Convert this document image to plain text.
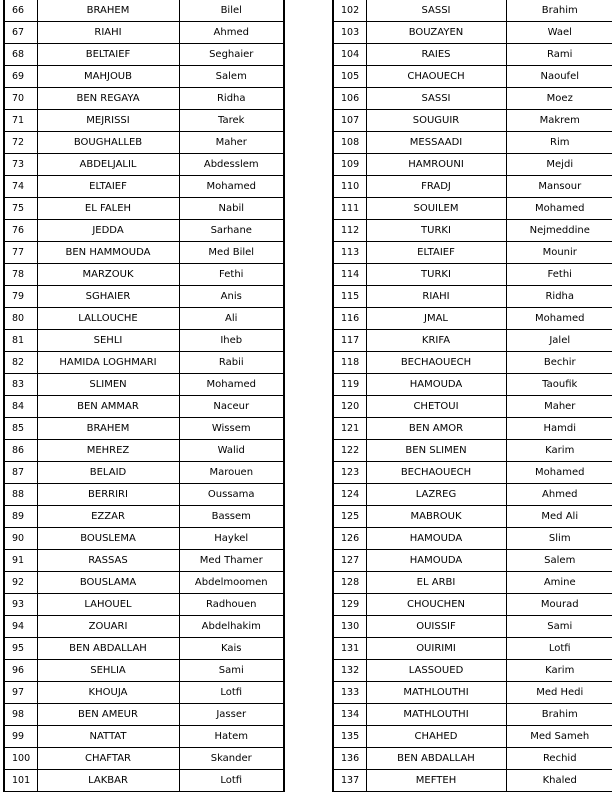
66	BRAHEM	Bilel
67	RIAHI	Ahmed
68	BELTAIEF	Seghaier
69	MAHJOUB	Salem
70	BEN REGAYA	Ridha
71	MEJRISSI	Tarek
72	BOUGHALLEB	Maher
73	ABDELJALIL	Abdesslem
74	ELTAIEF	Mohamed
75	EL FALEH	Nabil
76	JEDDA	Sarhane
77	BEN HAMMOUDA	Med Bilel
78	MARZOUK	Fethi
79	SGHAIER	Anis
80	LALLOUCHE	Ali
81	SEHLI	Iheb
82	HAMIDA LOGHMARI	Rabii
83	SLIMEN	Mohamed
84	BEN AMMAR	Naceur
85	BRAHEM	Wissem
86	MEHREZ	Walid
87	BELAID	Marouen
88	BERRIRI	Oussama
89	EZZAR	Bassem
90	BOUSLEMA	Haykel
91	RASSAS	Med Thamer
92	BOUSLAMA	Abdelmoomen
93	LAHOUEL	Radhouen
94	ZOUARI	Abdelhakim
95	BEN ABDALLAH	Kais
96	SEHLIA	Sami
97	KHOUJA	Lotfi
98	BEN AMEUR	Jasser
99	NATTAT	Hatem
100	CHAFTAR	Skander
101	LAKBAR	Lotfi
102	SASSI	Brahim
103	BOUZAYEN	Wael
104	RAIES	Rami
105	CHAOUECH	Naoufel
106	SASSI	Moez
107	SOUGUIR	Makrem
108	MESSAADI	Rim
109	HAMROUNI	Mejdi
110	FRADJ	Mansour
111	SOUILEM	Mohamed
112	TURKI	Nejmeddine
113	ELTAIEF	Mounir
114	TURKI	Fethi
115	RIAHI	Ridha
116	JMAL	Mohamed
117	KRIFA	Jalel
118	BECHAOUECH	Bechir
119	HAMOUDA	Taoufik
120	CHETOUI	Maher
121	BEN AMOR	Hamdi
122	BEN SLIMEN	Karim
123	BECHAOUECH	Mohamed
124	LAZREG	Ahmed
125	MABROUK	Med Ali
126	HAMOUDA	Slim
127	HAMOUDA	Salem
128	EL ARBI	Amine
129	CHOUCHEN	Mourad
130	OUISSIF	Sami
131	OUIRIMI	Lotfi
132	LASSOUED	Karim
133	MATHLOUTHI	Med Hedi
134	MATHLOUTHI	Brahim
135	CHAHED	Med Sameh
136	BEN ABDALLAH	Rechid
137	MEFTEH	Khaled
